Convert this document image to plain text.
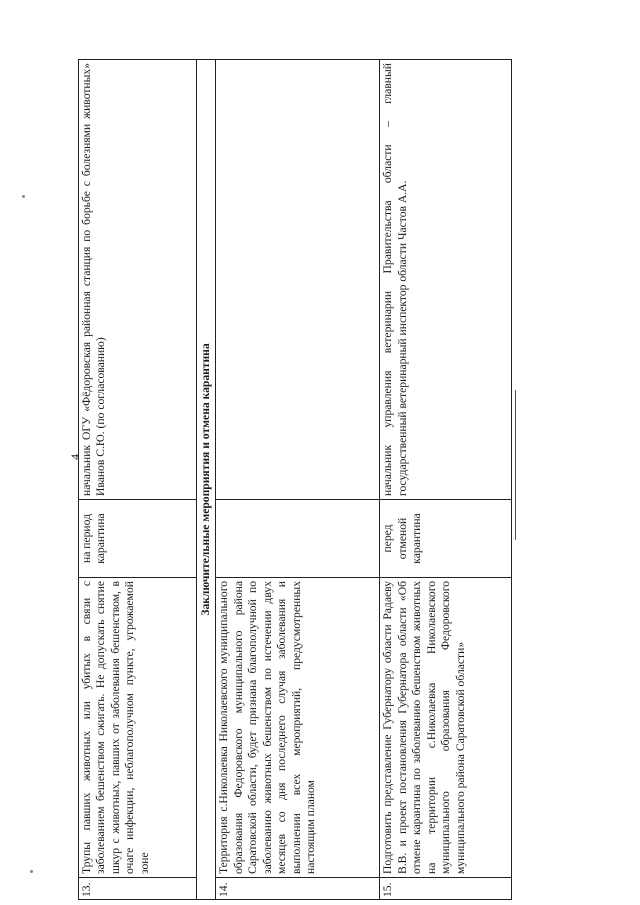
4
13.	Трупы павших животных или убитых в связи с заболеванием бешенством сжигать. Не допускать снятие шкур с животных, павших от заболевания бешенством, в очаге инфекции, неблагополучном пункте, угрожаемой зоне	на период карантина	начальник ОГУ «Фёдоровская районная станция по борьбе с болезнями животных» Иванов С.Ю. (по согласованию)
Заключительные мероприятия и отмена карантина			
14.	Территория с.Николаевка Николаевского муниципального образования Федоровского муниципального района Саратовской области, будет признана благополучной по заболеванию животных бешенством по истечении двух месяцев со дня последнего случая заболевания и выполнении всех мероприятий, предусмотренных настоящим планом		
15.	Подготовить представление Губернатору области Радаеву В.В. и проект постановления Губернатора области «Об отмене карантина по заболеванию бешенством животных на территории с.Николаевка Николаевского муниципального образования Федоровского муниципального района Саратовской области»	перед отменой карантина	начальник управления ветеринарии Правительства области – главный государственный ветеринарный инспектор области Частов А.А.
